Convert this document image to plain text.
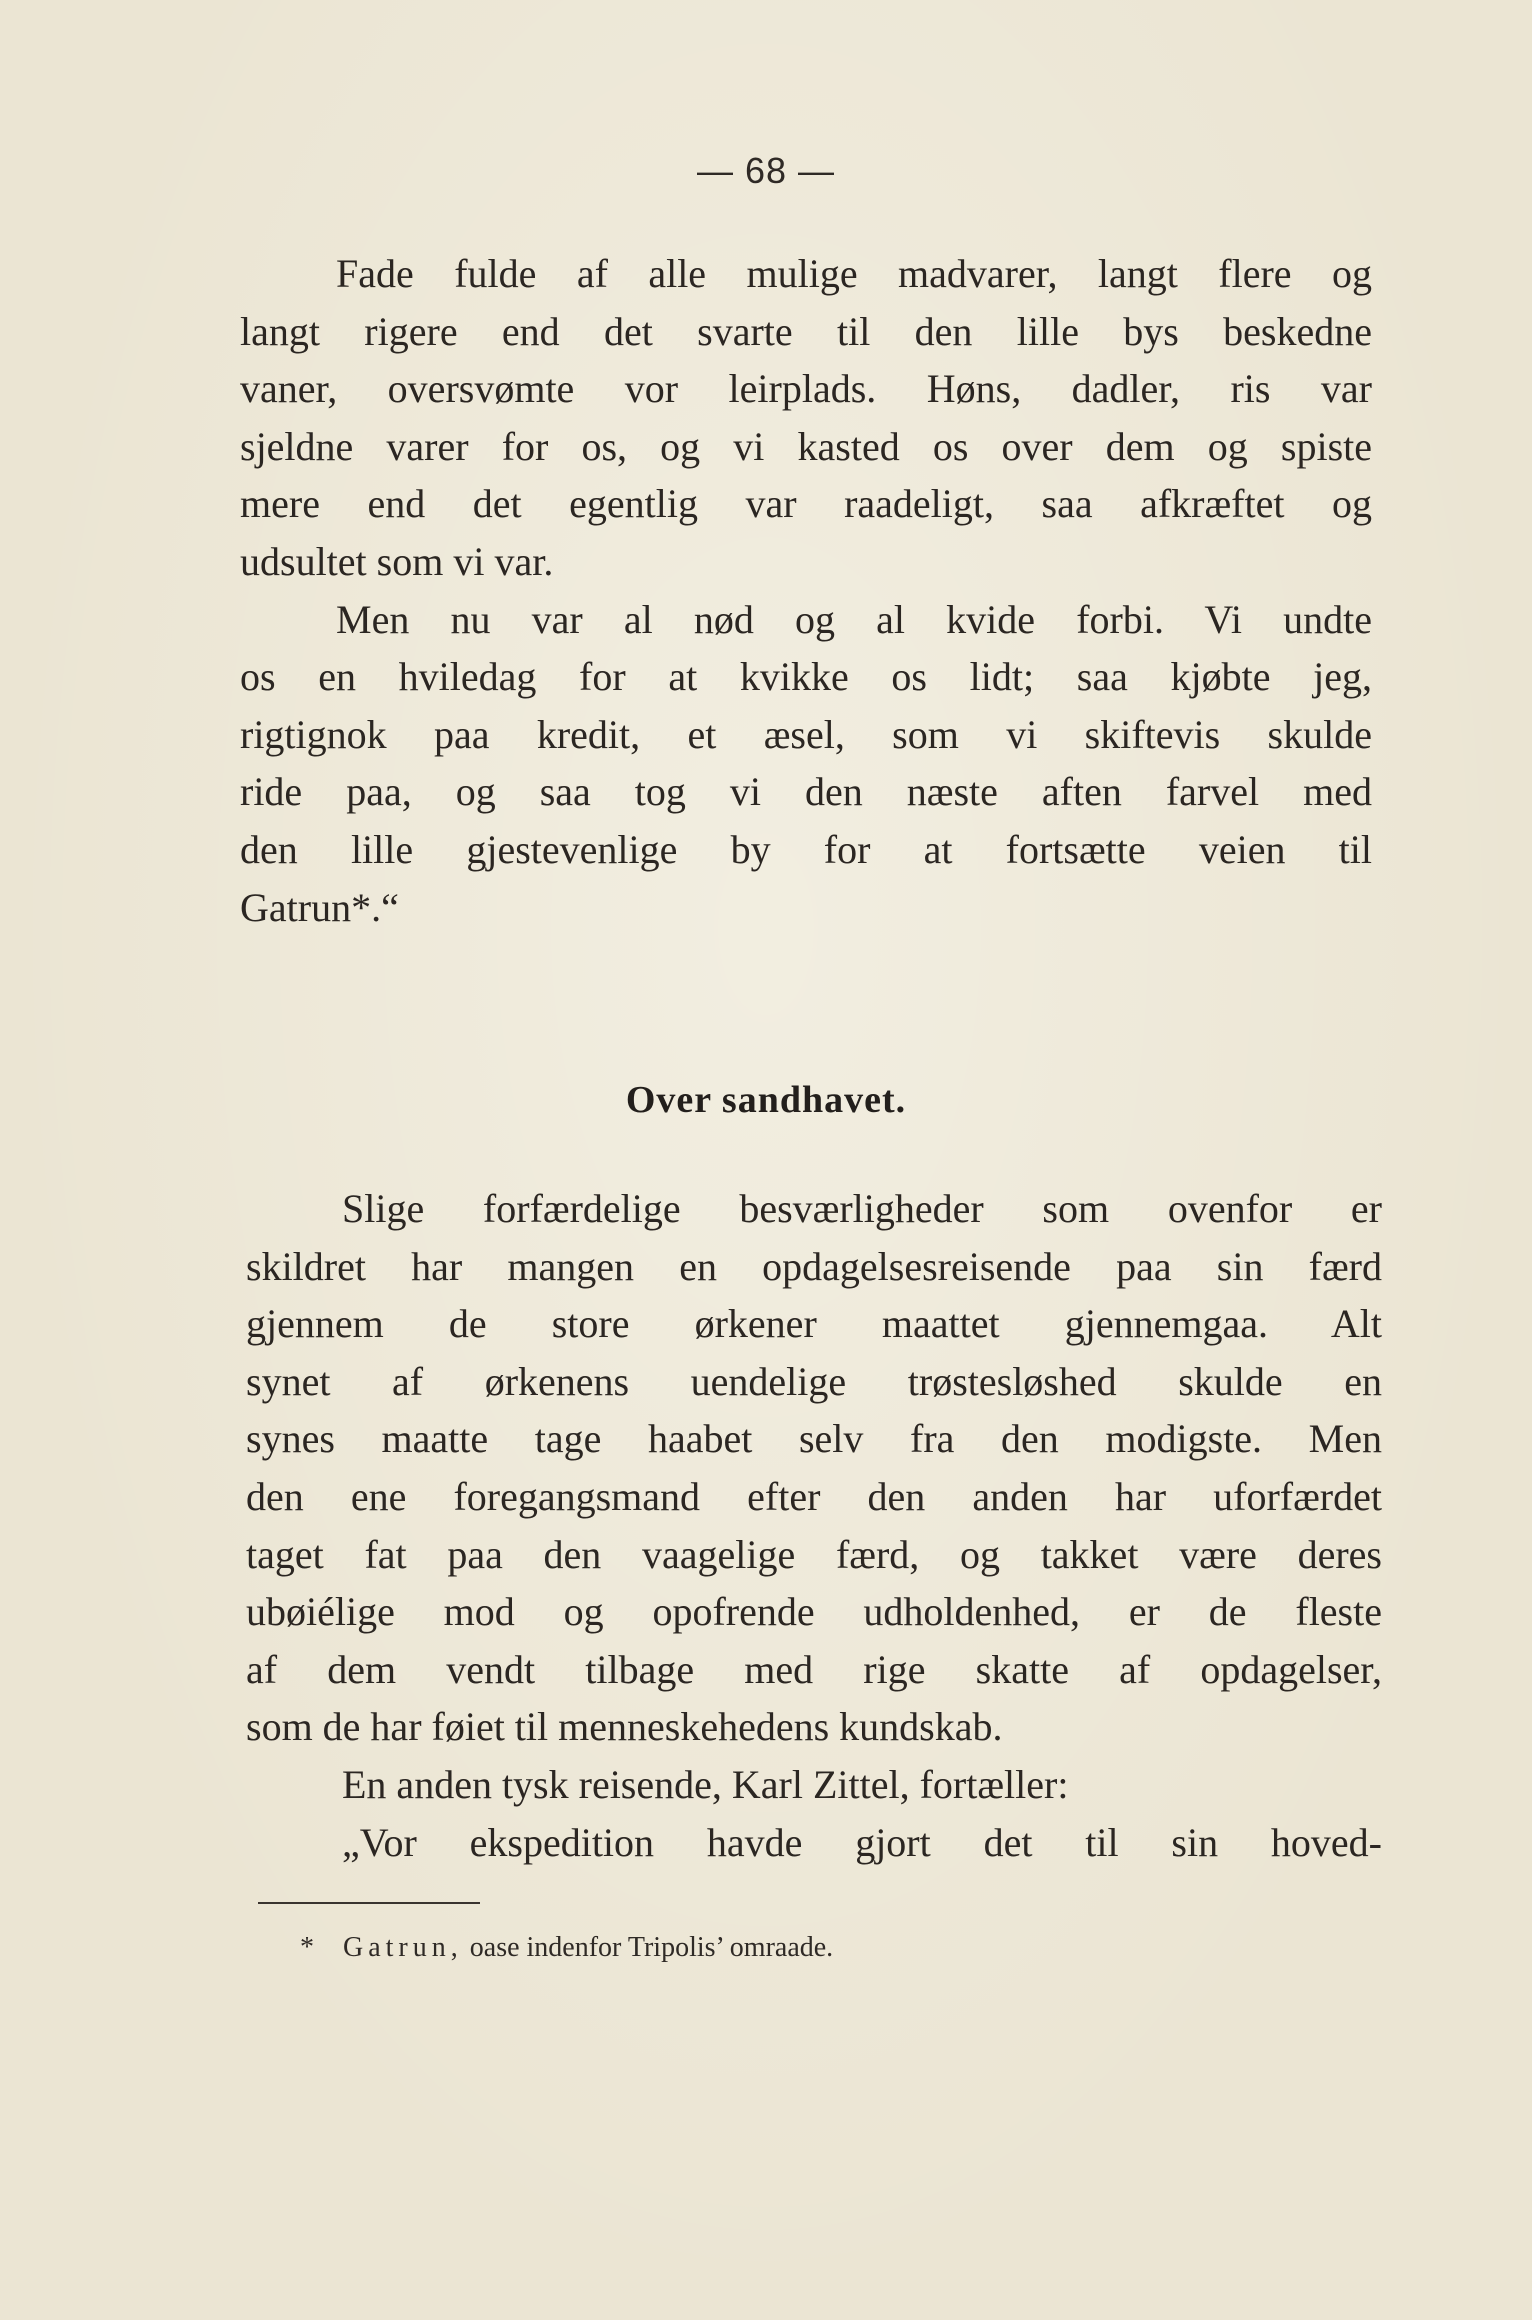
— 68 —

Fade fulde af alle mulige madvarer, langt flere og
langt rigere end det svarte til den lille bys beskedne
vaner, oversvømte vor leirplads. Høns, dadler, ris var
sjeldne varer for os, og vi kasted os over dem og spiste
mere end det egentlig var raadeligt, saa afkræftet og
udsultet som vi var.

Men nu var al nød og al kvide forbi. Vi undte
os en hviledag for at kvikke os lidt; saa kjøbte jeg,
rigtignok paa kredit, et æsel, som vi skiftevis skulde
ride paa, og saa tog vi den næste aften farvel med
den lille gjestevenlige by for at fortsætte veien til
Gatrun*.“

Over sandhavet.

Slige forfærdelige besværligheder som ovenfor er
skildret har mangen en opdagelsesreisende paa sin færd
gjennem de store ørkener maattet gjennemgaa. Alt
synet af ørkenens uendelige trøstesløshed skulde en
synes maatte tage haabet selv fra den modigste. Men
den ene foregangsmand efter den anden har uforfærdet
taget fat paa den vaagelige færd, og takket være deres
ubøiélige mod og opofrende udholdenhed, er de fleste
af dem vendt tilbage med rige skatte af opdagelser,
som de har føiet til menneskehedens kundskab.

En anden tysk reisende, Karl Zittel, fortæller:

„Vor ekspedition havde gjort det til sin hoved-

* Gatrun, oase indenfor Tripolis’ omraade.
